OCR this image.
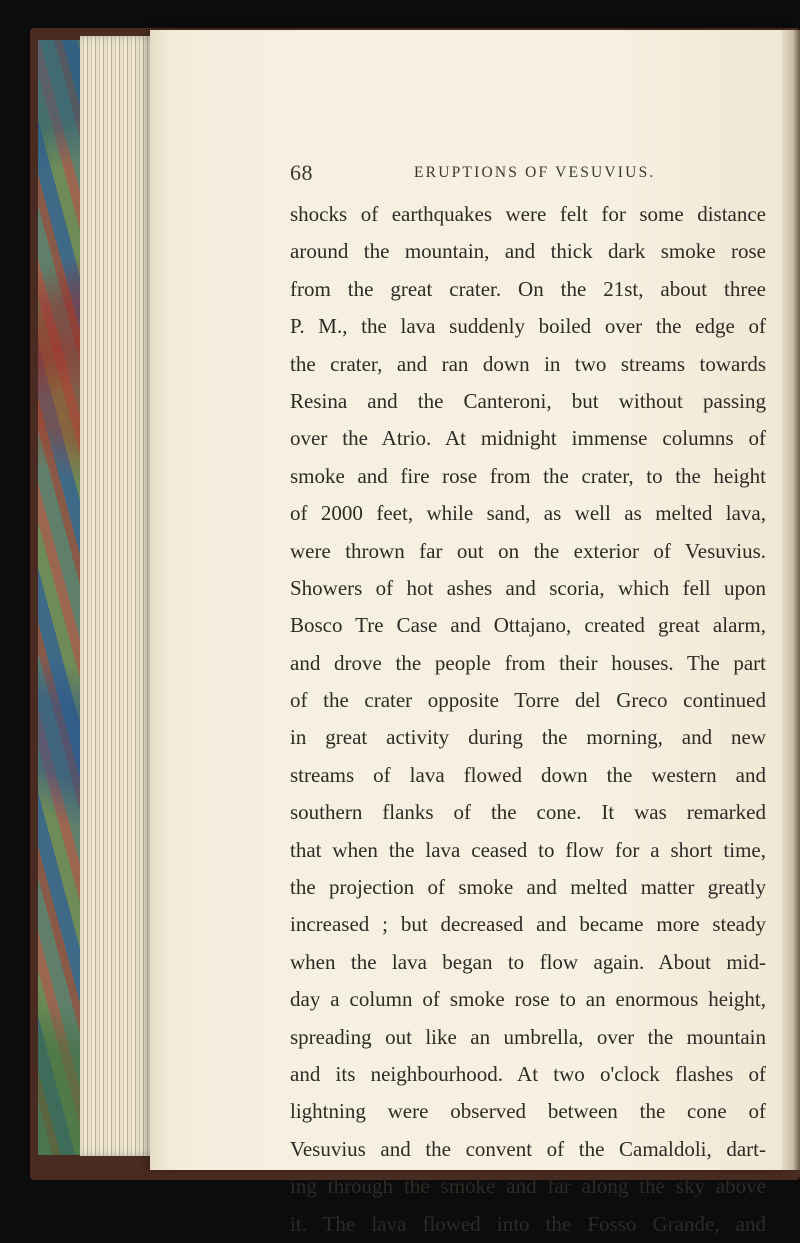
68	ERUPTIONS OF VESUVIUS.
shocks of earthquakes were felt for some distance
around the mountain, and thick dark smoke rose
from the great crater. On the 21st, about three
P. M., the lava suddenly boiled over the edge of
the crater, and ran down in two streams towards
Resina and the Canteroni, but without passing
over the Atrio. At midnight immense columns of
smoke and fire rose from the crater, to the height
of 2000 feet, while sand, as well as melted lava,
were thrown far out on the exterior of Vesuvius.
Showers of hot ashes and scoria, which fell upon
Bosco Tre Case and Ottajano, created great alarm,
and drove the people from their houses. The part
of the crater opposite Torre del Greco continued
in great activity during the morning, and new
streams of lava flowed down the western and
southern flanks of the cone. It was remarked
that when the lava ceased to flow for a short time,
the projection of smoke and melted matter greatly
increased ; but decreased and became more steady
when the lava began to flow again. About mid-
day a column of smoke rose to an enormous height,
spreading out like an umbrella, over the mountain
and its neighbourhood. At two o'clock flashes of
lightning were observed between the cone of
Vesuvius and the convent of the Camaldoli, dart-
ing through the smoke and far along the sky above
it. The lava flowed into the Fosso Grande, and
